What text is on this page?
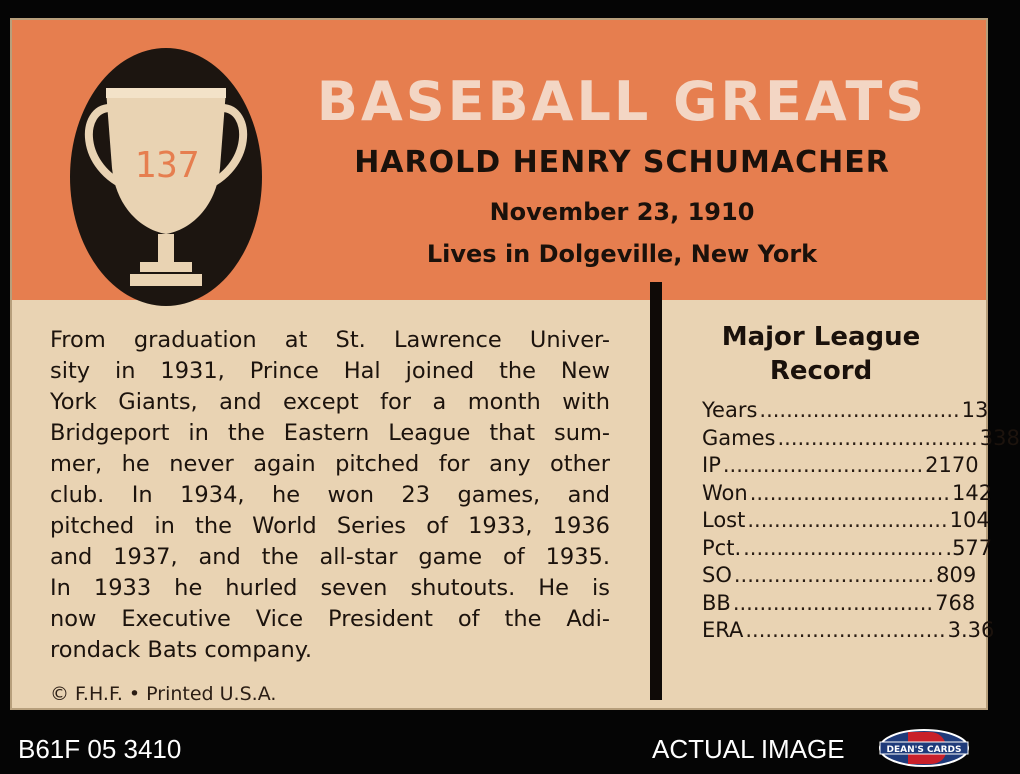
137
BASEBALL GREATS
HAROLD HENRY SCHUMACHER
November 23, 1910
Lives in Dolgeville, New York
From graduation at St. Lawrence Univer-
sity in 1931, Prince Hal joined the New
York Giants, and except for a month with
Bridgeport in the Eastern League that sum-
mer, he never again pitched for any other
club. In 1934, he won 23 games, and
pitched in the World Series of 1933, 1936
and 1937, and the all-star game of 1935.
In 1933 he hurled seven shutouts. He is
now Executive Vice President of the Adi-
rondack Bats company.
© F.H.F. • Printed U.S.A.
Major League
Record
Years .............................. 13
Games .............................. 338
IP .............................. 2170
Won .............................. 142
Lost .............................. 104
Pct. .............................. .577
SO .............................. 809
BB .............................. 768
ERA .............................. 3.36
B61F 05 3410	ACTUAL IMAGE	DEAN'S CARDS
